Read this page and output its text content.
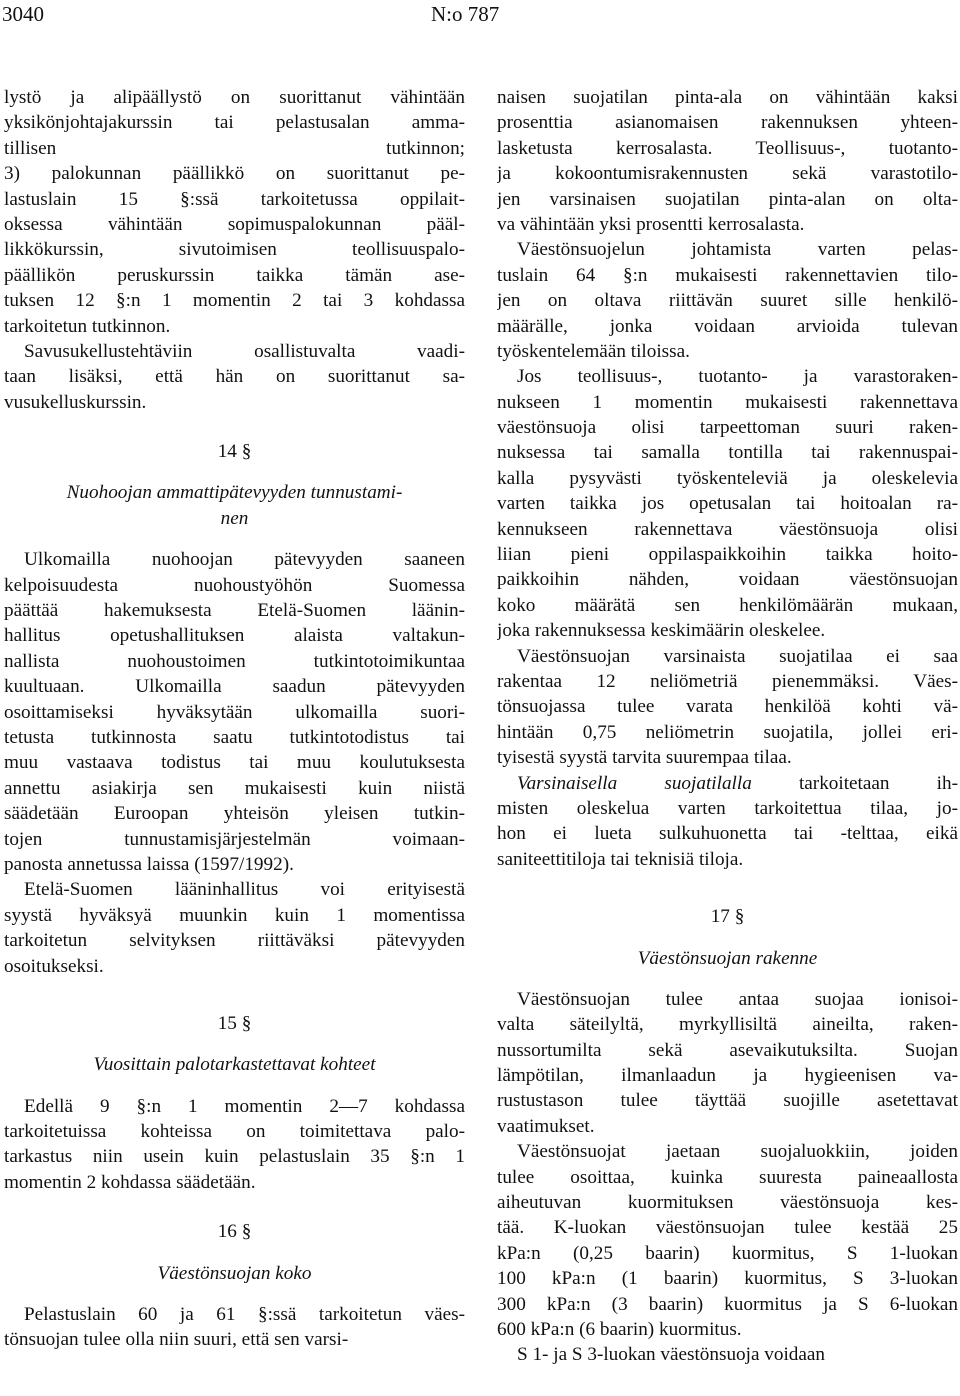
3040	N:o 787
lystö ja alipäällystö on suorittanut vähintään
yksikönjohtajakurssin tai pelastusalan amma-
tillisen tutkinnon;
3) palokunnan päällikkö on suorittanut pe-
lastuslain 15 §:ssä tarkoitetussa oppilait-
oksessa vähintään sopimuspalokunnan pääl-
likkökurssin, sivutoimisen teollisuuspalo-
päällikön peruskurssin taikka tämän ase-
tuksen 12 §:n 1 momentin 2 tai 3 kohdassa
tarkoitetun tutkinnon.
Savusukellustehtäviin osallistuvalta vaadi-
taan lisäksi, että hän on suorittanut sa-
vusukelluskurssin.
14 §
Nuohoojan ammattipätevyyden tunnustami-
nen
Ulkomailla nuohoojan pätevyyden saaneen
kelpoisuudesta nuohoustyöhön Suomessa
päättää hakemuksesta Etelä-Suomen läänin-
hallitus opetushallituksen alaista valtakun-
nallista nuohoustoimen tutkintotoimikuntaa
kuultuaan. Ulkomailla saadun pätevyyden
osoittamiseksi hyväksytään ulkomailla suori-
tetusta tutkinnosta saatu tutkintotodistus tai
muu vastaava todistus tai muu koulutuksesta
annettu asiakirja sen mukaisesti kuin niistä
säädetään Euroopan yhteisön yleisen tutkin-
tojen tunnustamisjärjestelmän voimaan-
panosta annetussa laissa (1597/1992).
Etelä-Suomen lääninhallitus voi erityisestä
syystä hyväksyä muunkin kuin 1 momentissa
tarkoitetun selvityksen riittäväksi pätevyyden
osoitukseksi.
15 §
Vuosittain palotarkastettavat kohteet
Edellä 9 §:n 1 momentin 2—7 kohdassa
tarkoitetuissa kohteissa on toimitettava palo-
tarkastus niin usein kuin pelastuslain 35 §:n 1
momentin 2 kohdassa säädetään.
16 §
Väestönsuojan koko
Pelastuslain 60 ja 61 §:ssä tarkoitetun väes-
tönsuojan tulee olla niin suuri, että sen varsi-
naisen suojatilan pinta-ala on vähintään kaksi
prosenttia asianomaisen rakennuksen yhteen-
lasketusta kerrosalasta. Teollisuus-, tuotanto-
ja kokoontumisrakennusten sekä varastotilo-
jen varsinaisen suojatilan pinta-alan on olta-
va vähintään yksi prosentti kerrosalasta.
Väestönsuojelun johtamista varten pelas-
tuslain 64 §:n mukaisesti rakennettavien tilo-
jen on oltava riittävän suuret sille henkilö-
määrälle, jonka voidaan arvioida tulevan
työskentelemään tiloissa.
Jos teollisuus-, tuotanto- ja varastoraken-
nukseen 1 momentin mukaisesti rakennettava
väestönsuoja olisi tarpeettoman suuri raken-
nuksessa tai samalla tontilla tai rakennuspai-
kalla pysyvästi työskenteleviä ja oleskelevia
varten taikka jos opetusalan tai hoitoalan ra-
kennukseen rakennettava väestönsuoja olisi
liian pieni oppilaspaikkoihin taikka hoito-
paikkoihin nähden, voidaan väestönsuojan
koko määrätä sen henkilömäärän mukaan,
joka rakennuksessa keskimäärin oleskelee.
Väestönsuojan varsinaista suojatilaa ei saa
rakentaa 12 neliömetriä pienemmäksi. Väes-
tönsuojassa tulee varata henkilöä kohti vä-
hintään 0,75 neliömetrin suojatila, jollei eri-
tyisestä syystä tarvita suurempaa tilaa.
Varsinaisella suojatilalla tarkoitetaan ih-
misten oleskelua varten tarkoitettua tilaa, jo-
hon ei lueta sulkuhuonetta tai -telttaa, eikä
saniteettitiloja tai teknisiä tiloja.
17 §
Väestönsuojan rakenne
Väestönsuojan tulee antaa suojaa ionisoi-
valta säteilyltä, myrkyllisiltä aineilta, raken-
nussortumilta sekä asevaikutuksilta. Suojan
lämpötilan, ilmanlaadun ja hygieenisen va-
rustustason tulee täyttää suojille asetettavat
vaatimukset.
Väestönsuojat jaetaan suojaluokkiin, joiden
tulee osoittaa, kuinka suuresta paineaallosta
aiheutuvan kuormituksen väestönsuoja kes-
tää. K-luokan väestönsuojan tulee kestää 25
kPa:n (0,25 baarin) kuormitus, S 1-luokan
100 kPa:n (1 baarin) kuormitus, S 3-luokan
300 kPa:n (3 baarin) kuormitus ja S 6-luokan
600 kPa:n (6 baarin) kuormitus.
S 1- ja S 3-luokan väestönsuoja voidaan
